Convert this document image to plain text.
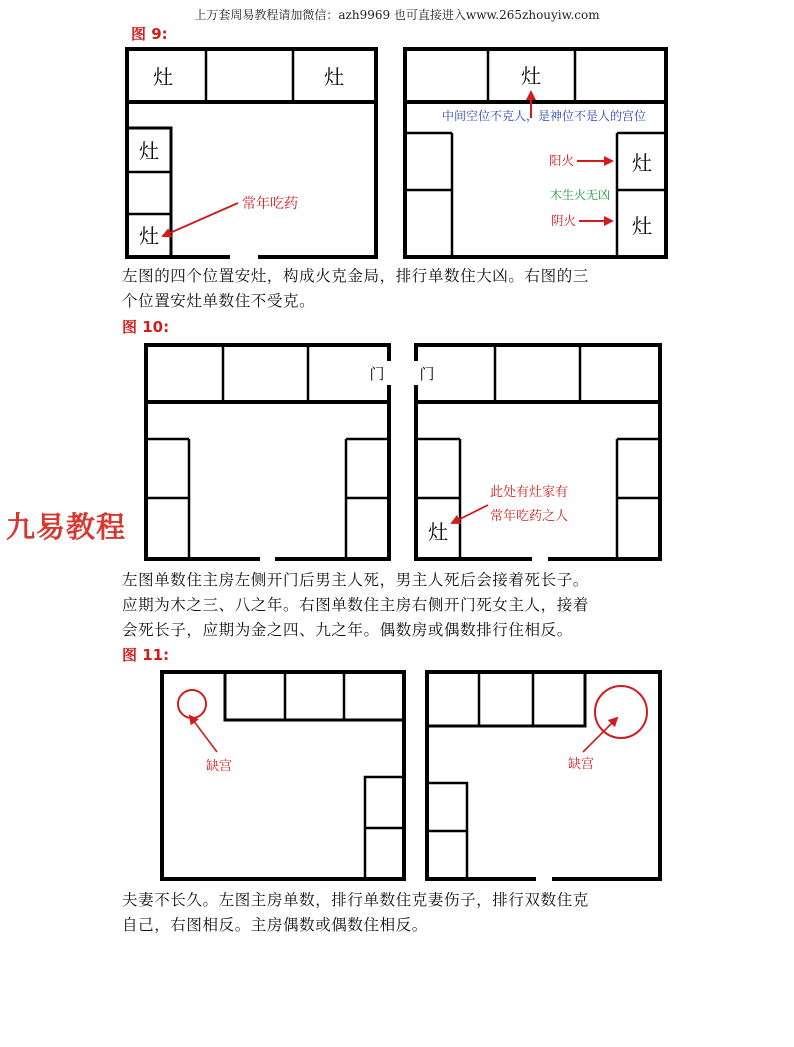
上万套周易教程请加微信：azh9969 也可直接进入www.265zhouyiw.com
图 9:
灶	灶
灶
灶
常年吃药
灶
灶
灶
中间空位不克人，是神位不是人的宫位
阳火
木生火无凶
阴火
门 门
灶
此处有灶家有
常年吃药之人
缺宫	缺宫
左图的四个位置安灶，构成火克金局，排行单数住大凶。右图的三
个位置安灶单数住不受克。
图 10:
九易教程
左图单数住主房左侧开门后男主人死，男主人死后会接着死长子。
应期为木之三、八之年。右图单数住主房右侧开门死女主人，接着
会死长子，应期为金之四、九之年。偶数房或偶数排行住相反。
图 11:
夫妻不长久。左图主房单数，排行单数住克妻伤子，排行双数住克
自己，右图相反。主房偶数或偶数住相反。
